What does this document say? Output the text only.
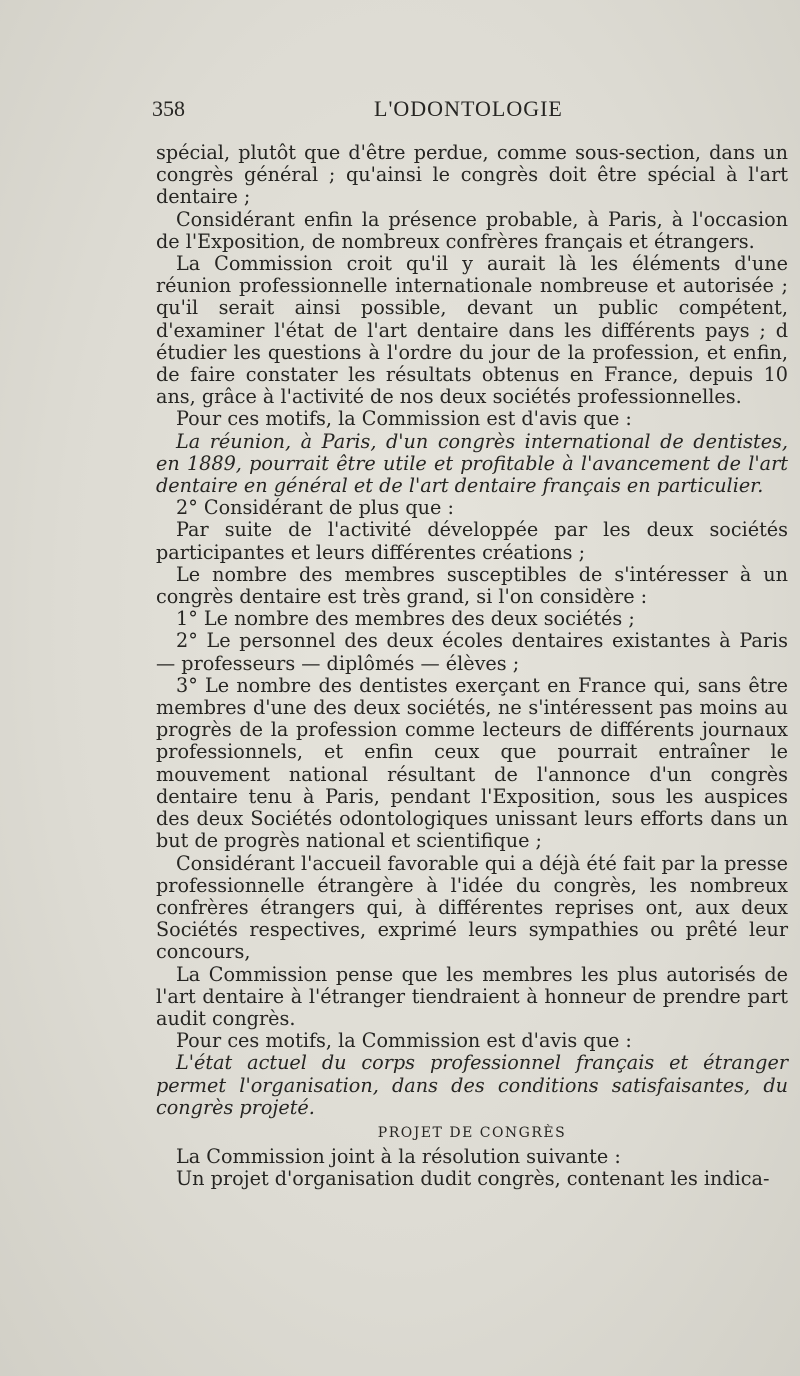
358	L'ODONTOLOGIE

spécial, plutôt que d'être perdue, comme sous-section, dans un congrès général ; qu'ainsi le congrès doit être spécial à l'art dentaire ;

Considérant enfin la présence probable, à Paris, à l'occasion de l'Exposition, de nombreux confrères français et étrangers.

La Commission croit qu'il y aurait là les éléments d'une réunion professionnelle internationale nombreuse et autorisée ; qu'il serait ainsi possible, devant un public compétent, d'examiner l'état de l'art dentaire dans les différents pays ; d étudier les questions à l'ordre du jour de la profession, et enfin, de faire constater les résultats obtenus en France, depuis 10 ans, grâce à l'activité de nos deux sociétés professionnelles.

Pour ces motifs, la Commission est d'avis que :

La réunion, à Paris, d'un congrès international de dentistes, en 1889, pourrait être utile et profitable à l'avancement de l'art dentaire en général et de l'art dentaire français en particulier.

2° Considérant de plus que :

Par suite de l'activité développée par les deux sociétés participantes et leurs différentes créations ;

Le nombre des membres susceptibles de s'intéresser à un congrès dentaire est très grand, si l'on considère :

1° Le nombre des membres des deux sociétés ;

2° Le personnel des deux écoles dentaires existantes à Paris — professeurs — diplômés — élèves ;

3° Le nombre des dentistes exerçant en France qui, sans être membres d'une des deux sociétés, ne s'intéressent pas moins au progrès de la profession comme lecteurs de différents journaux professionnels, et enfin ceux que pourrait entraîner le mouvement national résultant de l'annonce d'un congrès dentaire tenu à Paris, pendant l'Exposition, sous les auspices des deux Sociétés odontologiques unissant leurs efforts dans un but de progrès national et scientifique ;

Considérant l'accueil favorable qui a déjà été fait par la presse professionnelle étrangère à l'idée du congrès, les nombreux confrères étrangers qui, à différentes reprises ont, aux deux Sociétés respectives, exprimé leurs sympathies ou prêté leur concours,

La Commission pense que les membres les plus autorisés de l'art dentaire à l'étranger tiendraient à honneur de prendre part audit congrès.

Pour ces motifs, la Commission est d'avis que :

L'état actuel du corps professionnel français et étranger permet l'organisation, dans des conditions satisfaisantes, du congrès projeté.

PROJET DE CONGRÈS

La Commission joint à la résolution suivante :

Un projet d'organisation dudit congrès, contenant les indica-
